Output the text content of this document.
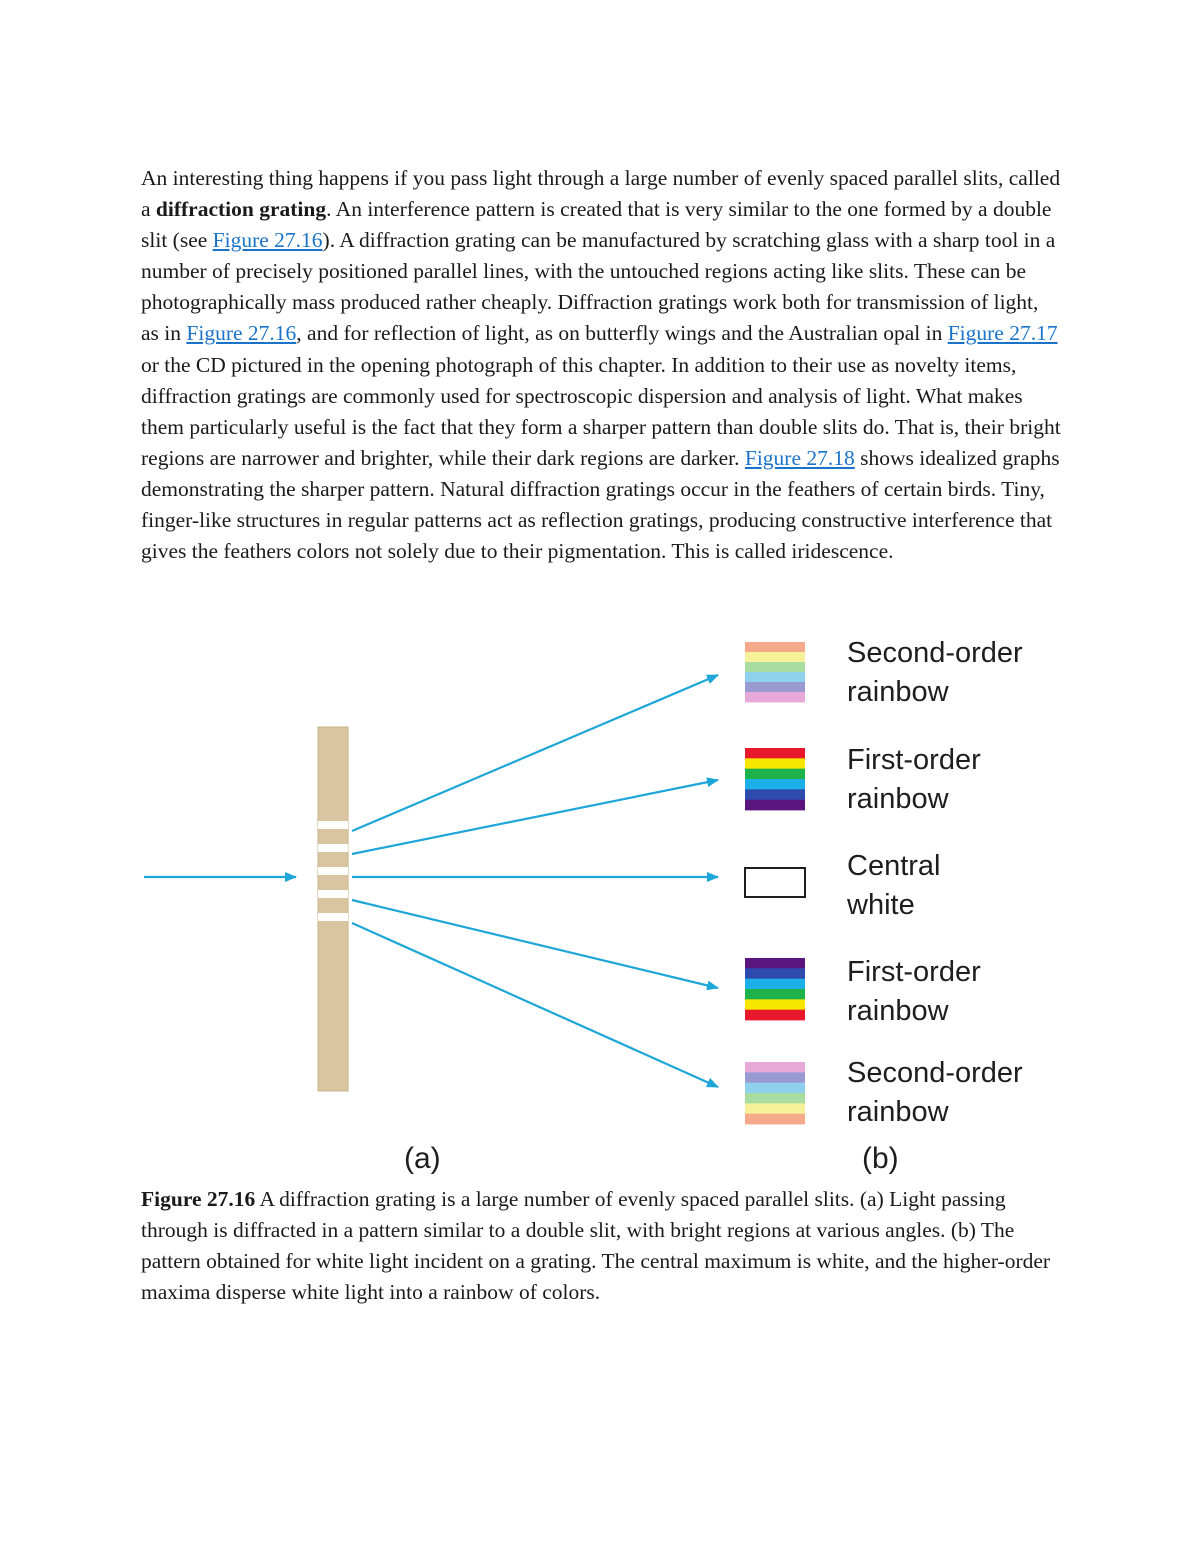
An interesting thing happens if you pass light through a large number of evenly spaced parallel slits, called a diffraction grating. An interference pattern is created that is very similar to the one formed by a double slit (see Figure 27.16). A diffraction grating can be manufactured by scratching glass with a sharp tool in a number of precisely positioned parallel lines, with the untouched regions acting like slits. These can be photographically mass produced rather cheaply. Diffraction gratings work both for transmission of light, as in Figure 27.16, and for reflection of light, as on butterfly wings and the Australian opal in Figure 27.17 or the CD pictured in the opening photograph of this chapter. In addition to their use as novelty items, diffraction gratings are commonly used for spectroscopic dispersion and analysis of light. What makes them particularly useful is the fact that they form a sharper pattern than double slits do. That is, their bright regions are narrower and brighter, while their dark regions are darker. Figure 27.18 shows idealized graphs demonstrating the sharper pattern. Natural diffraction gratings occur in the feathers of certain birds. Tiny, finger-like structures in regular patterns act as reflection gratings, producing constructive interference that gives the feathers colors not solely due to their pigmentation. This is called iridescence.

Second-order
rainbow
First-order
rainbow
Central
white
First-order
rainbow
Second-order
rainbow
(a)	(b)

Figure 27.16 A diffraction grating is a large number of evenly spaced parallel slits. (a) Light passing through is diffracted in a pattern similar to a double slit, with bright regions at various angles. (b) The pattern obtained for white light incident on a grating. The central maximum is white, and the higher-order maxima disperse white light into a rainbow of colors.
